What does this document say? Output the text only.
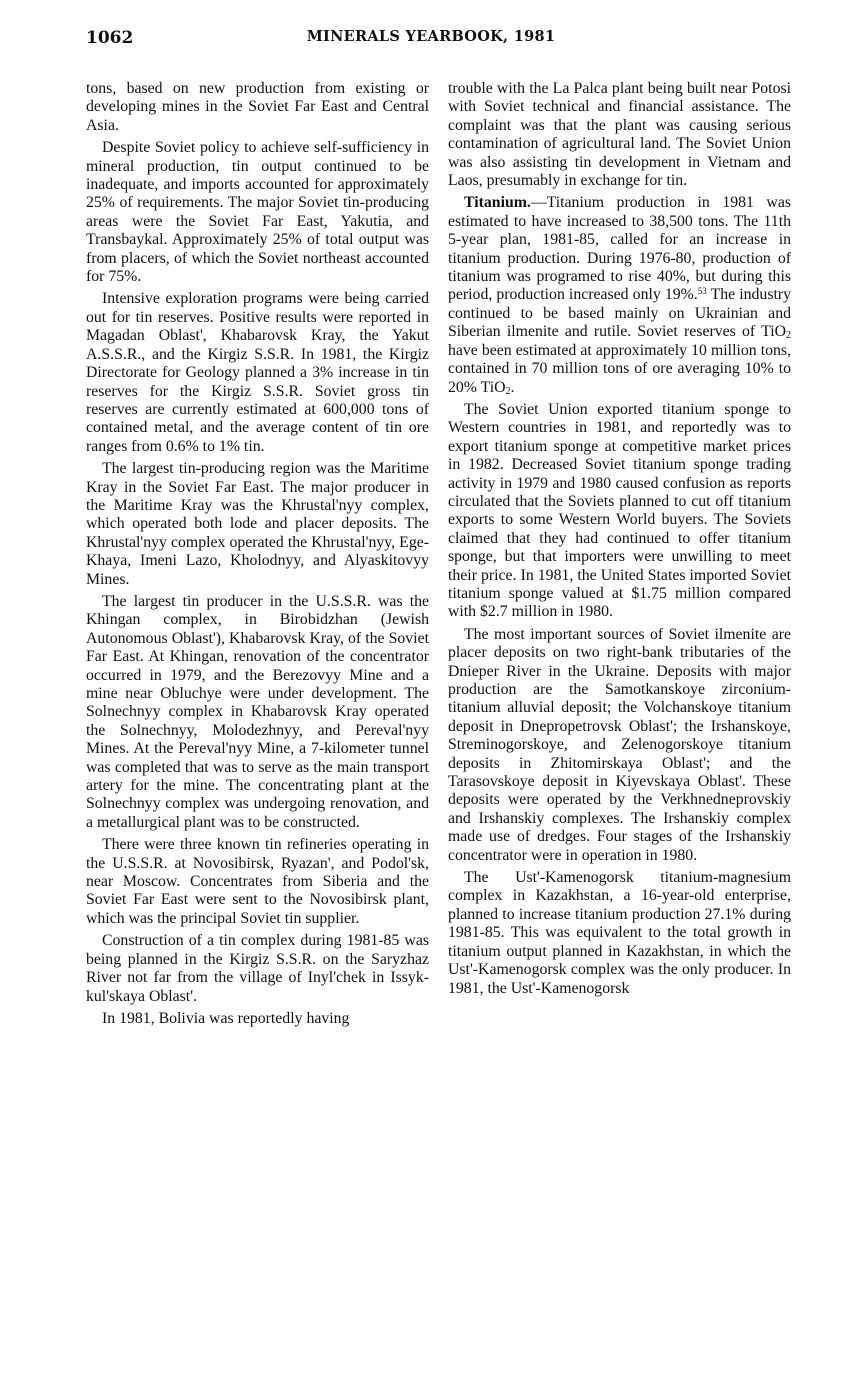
1062	MINERALS YEARBOOK, 1981

tons, based on new production from existing or developing mines in the Soviet Far East and Central Asia.

Despite Soviet policy to achieve self-sufficiency in mineral production, tin output continued to be inadequate, and imports accounted for approximately 25% of requirements. The major Soviet tin-producing areas were the Soviet Far East, Yakutia, and Transbaykal. Approximately 25% of total output was from placers, of which the Soviet northeast accounted for 75%.

Intensive exploration programs were being carried out for tin reserves. Positive results were reported in Magadan Oblast', Khabarovsk Kray, the Yakut A.S.S.R., and the Kirgiz S.S.R. In 1981, the Kirgiz Directorate for Geology planned a 3% increase in tin reserves for the Kirgiz S.S.R. Soviet gross tin reserves are currently estimated at 600,000 tons of contained metal, and the average content of tin ore ranges from 0.6% to 1% tin.

The largest tin-producing region was the Maritime Kray in the Soviet Far East. The major producer in the Maritime Kray was the Khrustal'nyy complex, which operated both lode and placer deposits. The Khrustal'nyy complex operated the Khrustal'nyy, Ege-Khaya, Imeni Lazo, Kholodnyy, and Alyaskitovyy Mines.

The largest tin producer in the U.S.S.R. was the Khingan complex, in Birobidzhan (Jewish Autonomous Oblast'), Khabarovsk Kray, of the Soviet Far East. At Khingan, renovation of the concentrator occurred in 1979, and the Berezovyy Mine and a mine near Obluchye were under development. The Solnechnyy complex in Khabarovsk Kray operated the Solnechnyy, Molodezhnyy, and Pereval'nyy Mines. At the Pereval'nyy Mine, a 7-kilometer tunnel was completed that was to serve as the main transport artery for the mine. The concentrating plant at the Solnechnyy complex was undergoing renovation, and a metallurgical plant was to be constructed.

There were three known tin refineries operating in the U.S.S.R. at Novosibirsk, Ryazan', and Podol'sk, near Moscow. Concentrates from Siberia and the Soviet Far East were sent to the Novosibirsk plant, which was the principal Soviet tin supplier.

Construction of a tin complex during 1981-85 was being planned in the Kirgiz S.S.R. on the Saryzhaz River not far from the village of Inyl'chek in Issyk-kul'skaya Oblast'.

In 1981, Bolivia was reportedly having

trouble with the La Palca plant being built near Potosi with Soviet technical and financial assistance. The complaint was that the plant was causing serious contamination of agricultural land. The Soviet Union was also assisting tin development in Vietnam and Laos, presumably in exchange for tin.

Titanium.—Titanium production in 1981 was estimated to have increased to 38,500 tons. The 11th 5-year plan, 1981-85, called for an increase in titanium production. During 1976-80, production of titanium was programed to rise 40%, but during this period, production increased only 19%.$^{53}$ The industry continued to be based mainly on Ukrainian and Siberian ilmenite and rutile. Soviet reserves of TiO$_2$ have been estimated at approximately 10 million tons, contained in 70 million tons of ore averaging 10% to 20% TiO$_2$.

The Soviet Union exported titanium sponge to Western countries in 1981, and reportedly was to export titanium sponge at competitive market prices in 1982. Decreased Soviet titanium sponge trading activity in 1979 and 1980 caused confusion as reports circulated that the Soviets planned to cut off titanium exports to some Western World buyers. The Soviets claimed that they had continued to offer titanium sponge, but that importers were unwilling to meet their price. In 1981, the United States imported Soviet titanium sponge valued at $1.75 million compared with $2.7 million in 1980.

The most important sources of Soviet ilmenite are placer deposits on two right-bank tributaries of the Dnieper River in the Ukraine. Deposits with major production are the Samotkanskoye zirconium-titanium alluvial deposit; the Volchanskoye titanium deposit in Dnepropetrovsk Oblast'; the Irshanskoye, Streminogorskoye, and Zelenogorskoye titanium deposits in Zhitomirskaya Oblast'; and the Tarasovskoye deposit in Kiyevskaya Oblast'. These deposits were operated by the Verkhnedneprovskiy and Irshanskiy complexes. The Irshanskiy complex made use of dredges. Four stages of the Irshanskiy concentrator were in operation in 1980.

The Ust'-Kamenogorsk titanium-magnesium complex in Kazakhstan, a 16-year-old enterprise, planned to increase titanium production 27.1% during 1981-85. This was equivalent to the total growth in titanium output planned in Kazakhstan, in which the Ust'-Kamenogorsk complex was the only producer. In 1981, the Ust'-Kamenogorsk
